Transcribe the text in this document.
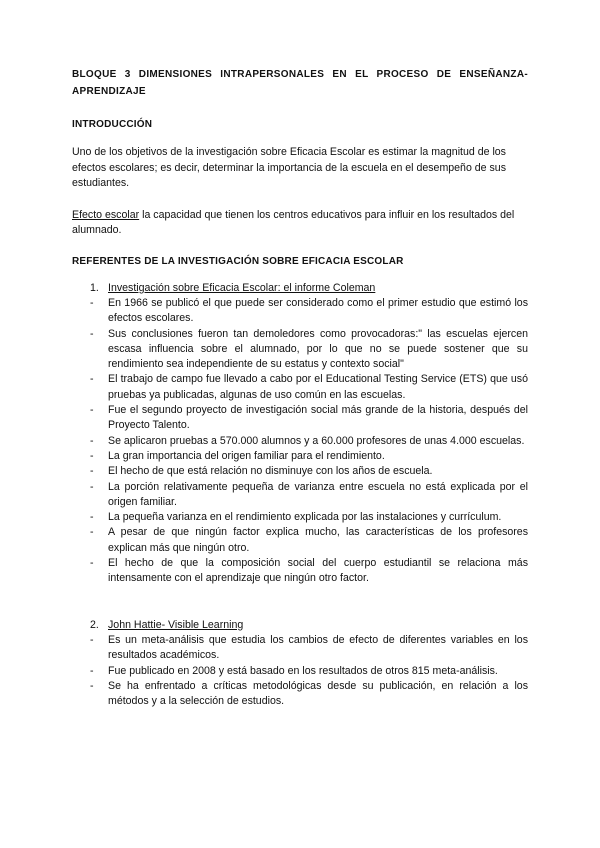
BLOQUE 3 DIMENSIONES INTRAPERSONALES EN EL PROCESO DE ENSEÑANZA-APRENDIZAJE

INTRODUCCIÓN

Uno de los objetivos de la investigación sobre Eficacia Escolar es estimar la magnitud de los efectos escolares; es decir, determinar la importancia de la escuela en el desempeño de sus estudiantes.

Efecto escolar la capacidad que tienen los centros educativos para influir en los resultados del alumnado.

REFERENTES DE LA INVESTIGACIÓN SOBRE EFICACIA ESCOLAR

1. Investigación sobre Eficacia Escolar: el informe Coleman
-	En 1966 se publicó el que puede ser considerado como el primer estudio que estimó los efectos escolares.
-	Sus conclusiones fueron tan demoledores como provocadoras:" las escuelas ejercen escasa influencia sobre el alumnado, por lo que no se puede sostener que su rendimiento sea independiente de su estatus y contexto social"
-	El trabajo de campo fue llevado a cabo por el Educational Testing Service (ETS) que usó pruebas ya publicadas, algunas de uso común en las escuelas.
-	Fue el segundo proyecto de investigación social más grande de la historia, después del Proyecto Talento.
-	Se aplicaron pruebas a 570.000 alumnos y a 60.000 profesores de unas 4.000 escuelas.
-	La gran importancia del origen familiar para el rendimiento.
-	El hecho de que está relación no disminuye con los años de escuela.
-	La porción relativamente pequeña de varianza entre escuela no está explicada por el origen familiar.
-	La pequeña varianza en el rendimiento explicada por las instalaciones y currículum.
-	A pesar de que ningún factor explica mucho, las características de los profesores explican más que ningún otro.
-	El hecho de que la composición social del cuerpo estudiantil se relaciona más intensamente con el aprendizaje que ningún otro factor.
2. John Hattie- Visible Learning
-	Es un meta-análisis que estudia los cambios de efecto de diferentes variables en los resultados académicos.
-	Fue publicado en 2008 y está basado en los resultados de otros 815 meta-análisis.
-	Se ha enfrentado a críticas metodológicas desde su publicación, en relación a los métodos y a la selección de estudios.
